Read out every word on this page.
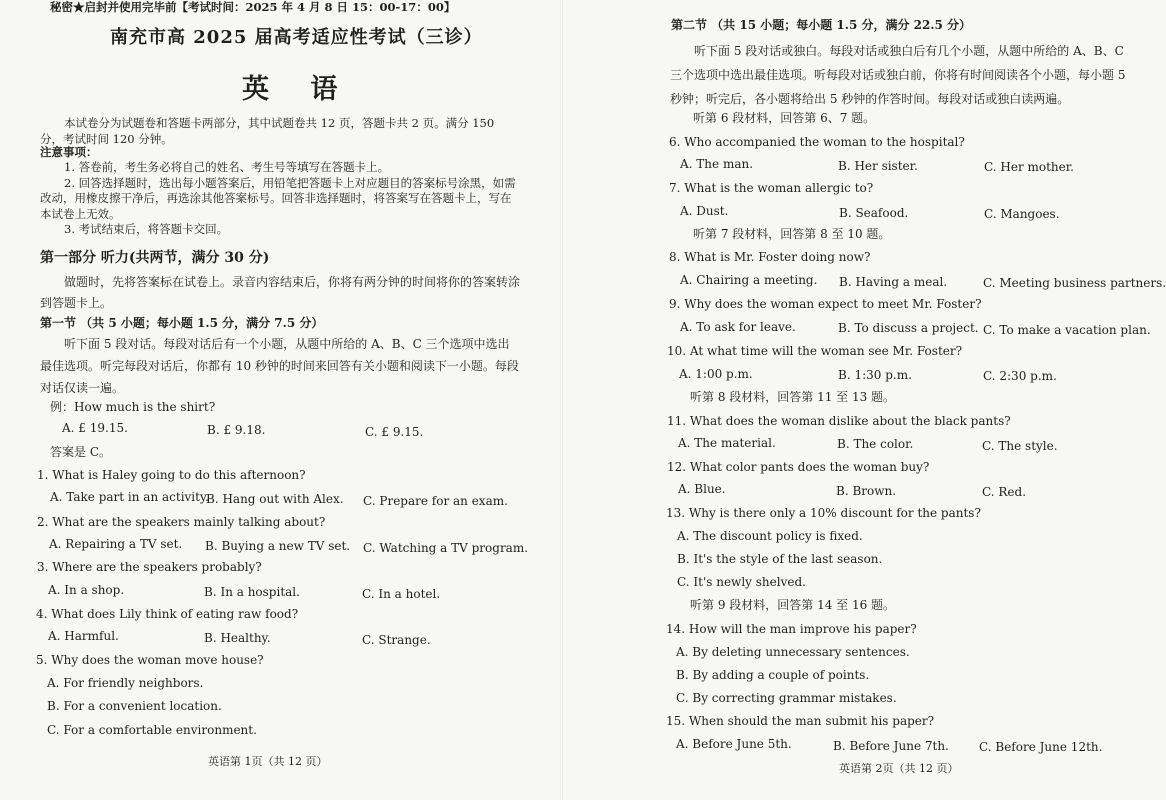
秘密★启封并使用完毕前【考试时间：2025 年 4 月 8 日 15：00-17：00】
南充市高 2025 届高考适应性考试（三诊）
英 语
本试卷分为试题卷和答题卡两部分，其中试题卷共 12 页，答题卡共 2 页。满分 150 分，考试时间 120 分钟。
注意事项：
1. 答卷前，考生务必将自己的姓名、考生号等填写在答题卡上。
2. 回答选择题时，选出每小题答案后，用铅笔把答题卡上对应题目的答案标号涂黑，如需改动，用橡皮擦干净后，再选涂其他答案标号。回答非选择题时，将答案写在答题卡上，写在本试卷上无效。
3. 考试结束后，将答题卡交回。
第一部分 听力(共两节，满分 30 分)
做题时，先将答案标在试卷上。录音内容结束后，你将有两分钟的时间将你的答案转涂到答题卡上。
第一节 （共 5 小题；每小题 1.5 分，满分 7.5 分）
听下面 5 段对话。每段对话后有一个小题，从题中所给的 A、B、C 三个选项中选出最佳选项。听完每段对话后，你都有 10 秒钟的时间来回答有关小题和阅读下一小题。每段对话仅读一遍。
例：How much is the shirt?
A. £ 19.15.	B. £ 9.18.	C. £ 9.15.
答案是 C。
1. What is Haley going to do this afternoon?
A. Take part in an activity.
B. Hang out with Alex. C. Prepare for an exam.
2. What are the speakers mainly talking about?
A. Repairing a TV set. B. Buying a new TV set. C. Watching a TV program.
3. Where are the speakers probably?
A. In a shop.	B. In a hospital.	C. In a hotel.
4. What does Lily think of eating raw food?
A. Harmful.	B. Healthy.	C. Strange.
5. Why does the woman move house?
A. For friendly neighbors.
B. For a convenient location.
C. For a comfortable environment.
英语第 1页（共 12 页）
第二节 （共 15 小题；每小题 1.5 分，满分 22.5 分）
听下面 5 段对话或独白。每段对话或独白后有几个小题，从题中所给的 A、B、C 三个选项中选出最佳选项。听每段对话或独白前，你将有时间阅读各个小题，每小题 5 秒钟；听完后，各小题将给出 5 秒钟的作答时间。每段对话或独白读两遍。
听第 6 段材料，回答第 6、7 题。
6. Who accompanied the woman to the hospital?
A. The man.	B. Her sister.	C. Her mother.
7. What is the woman allergic to?
A. Dust.	B. Seafood.	C. Mangoes.
听第 7 段材料，回答第 8 至 10 题。
8. What is Mr. Foster doing now?
A. Chairing a meeting. B. Having a meal.	C. Meeting business partners.
9. Why does the woman expect to meet Mr. Foster?
A. To ask for leave.	B. To discuss a project. C. To make a vacation plan.
10. At what time will the woman see Mr. Foster?
A. 1:00 p.m.	B. 1:30 p.m.	C. 2:30 p.m.
听第 8 段材料，回答第 11 至 13 题。
11. What does the woman dislike about the black pants?
A. The material.	B. The color.	C. The style.
12. What color pants does the woman buy?
A. Blue.	B. Brown.	C. Red.
13. Why is there only a 10% discount for the pants?
A. The discount policy is fixed.
B. It's the style of the last season.
C. It's newly shelved.
听第 9 段材料，回答第 14 至 16 题。
14. How will the man improve his paper?
A. By deleting unnecessary sentences.
B. By adding a couple of points.
C. By correcting grammar mistakes.
15. When should the man submit his paper?
A. Before June 5th.	B. Before June 7th.	C. Before June 12th.
英语第 2页（共 12 页）
